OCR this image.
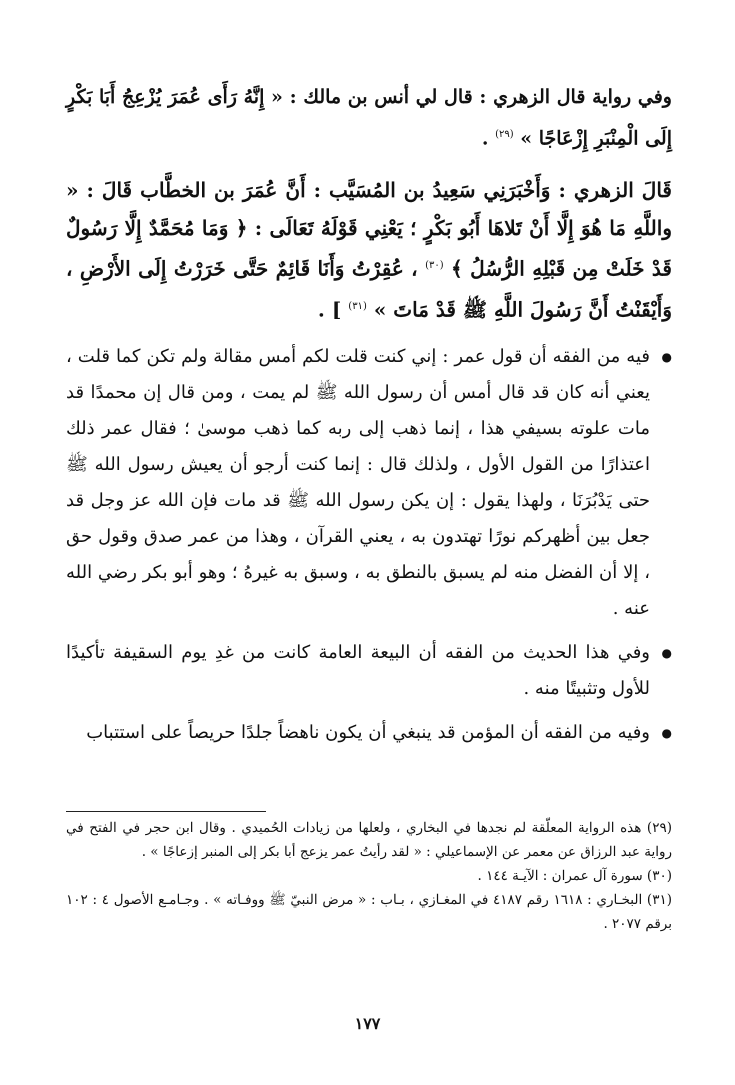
وفي رواية قال الزهري : قال لي أنس بن مالك : « إِنَّهُ رَأَى عُمَرَ يُزْعِجُ أَبَا بَكْرٍ إِلَى الْمِنْبَرِ إِزْعَاجًا » $^{(٢٩)}$ .

قَالَ الزهري : وَأَخْبَرَنِي سَعِيدُ بن المُسَيَّب : أَنَّ عُمَرَ بن الخطَّاب قَالَ : « واللَّهِ مَا هُوَ إِلَّا أَنْ تَلاهَا أَبُو بَكْرٍ ؛ يَعْنِي قَوْلَهُ تَعَالَى : ﴿ وَمَا مُحَمَّدٌ إِلَّا رَسُولٌ قَدْ خَلَتْ مِن قَبْلِهِ الرُّسُلُ ﴾ $^{(٣٠)}$ ، عُقِرْتُ وَأَنَا قَائِمٌ حَتَّى خَرَرْتُ إِلَى الأَرْضِ ، وَأَيْقَنْتُ أَنَّ رَسُولَ اللَّهِ ﷺ قَدْ مَاتَ » $^{(٣١)}$ ] .

●
فيه من الفقه أن قول عمر : إني كنت قلت لكم أمس مقالة ولم تكن كما قلت ، يعني أنه كان قد قال أمس أن رسول الله ﷺ لم يمت ، ومن قال إن محمدًا قد مات علوته بسيفي هذا ، إنما ذهب إلى ربه كما ذهب موسىٰ ؛ فقال عمر ذلك اعتذارًا من القول الأول ، ولذلك قال : إنما كنت أرجو أن يعيش رسول الله ﷺ حتى يَدْبُرَنَا ، ولهذا يقول : إن يكن رسول الله ﷺ قد مات فإن الله عز وجل قد جعل بين أظهركم نورًا تهتدون به ، يعني القرآن ، وهذا من عمر صدق وقول حق ، إلا أن الفضل منه لم يسبق بالنطق به ، وسبق به غيرهُ ؛ وهو أبو بكر رضي الله عنه .

●
وفي هذا الحديث من الفقه أن البيعة العامة كانت من غدِ يوم السقيفة تأكيدًا للأول وتثبيتًا منه .

●
وفيه من الفقه أن المؤمن قد ينبغي أن يكون ناهضاً جلدًا حريصاً على استتباب

(٢٩) هذه الرواية المعلّقة لم نجدها في البخاري ، ولعلها من زيادات الحُميدي . وقال ابن حجر في الفتح في رواية عبد الرزاق عن معمر عن الإسماعيلي : « لقد رأيتُ عمر يزعج أبا بكر إلى المنبر إزعاجًا » .

(٣٠) سورة آل عمران : الآيـة ١٤٤ .

(٣١) البخـاري : ١٦١٨ رقم ٤١٨٧ في المغـازي ، بـاب : « مرض النبيّ ﷺ ووفـاته » . وجـامـع الأصول ٤ : ١٠٢ برقم ٢٠٧٧ .

١٧٧
